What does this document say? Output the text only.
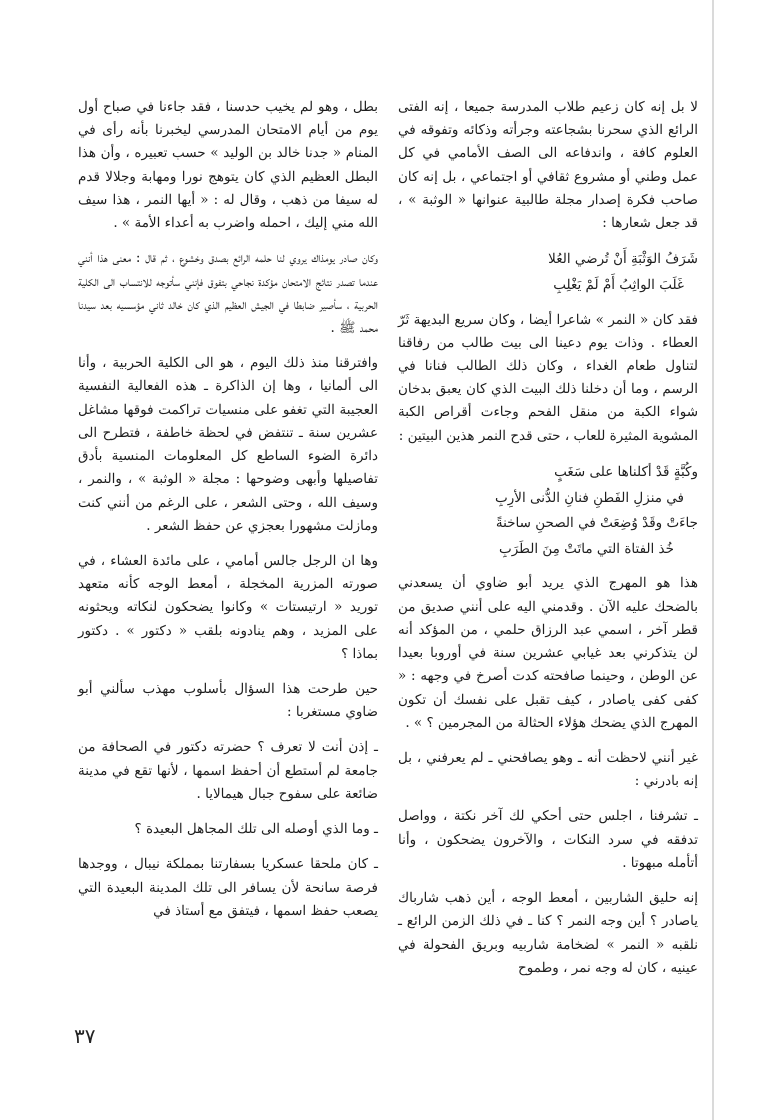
لا بل إنه كان زعيم طلاب المدرسة جميعا ، إنه الفتى الرائع الذي سحرنا بشجاعته وجرأته وذكائه وتفوقه في العلوم كافة ، واندفاعه الى الصف الأمامي في كل عمل وطني أو مشروع ثقافي أو اجتماعي ، بل إنه كان صاحب فكرة إصدار مجلة طالبية عنوانها « الوثبة » ، قد جعل شعارها :

شَرَفُ الوَثْبَةِ أَنْ تُرضي العُلا
غَلَبَ الواثِبُ أَمْ لَمْ يَغْلِبِ

فقد كان « النمر » شاعرا أيضا ، وكان سريع البديهة ثَرّ العطاء . وذات يوم دعينا الى بيت طالب من رفاقنا لتناول طعام الغداء ، وكان ذلك الطالب فنانا في الرسم ، وما أن دخلنا ذلك البيت الذي كان يعبق بدخان شواء الكبة من منقل الفحم وجاءت أقراص الكبة المشوية المثيرة للعاب ، حتى قدح النمر هذين البيتين :

وكُبَّةٍ قَدْ أكلناها على سَغَبٍ
في منزلِ الفَطنِ فنانِ الدُّنى الأرِبِ
جاءَتْ وقَدْ وُضِعَتْ في الصحنِ ساخنةً
خُذ الفتاة التي ماتَتْ مِنَ الطَرَبِ

هذا هو المهرج الذي يريد أبو ضاوي أن يسعدني بالضحك عليه الآن . وقدمني اليه على أنني صديق من قطر آخر ، اسمي عبد الرزاق حلمي ، من المؤكد أنه لن يتذكرني بعد غيابي عشرين سنة في أوروبا بعيدا عن الوطن ، وحينما صافحته كدت أصرخ في وجهه : « كفى كفى ياصادر ، كيف تقبل على نفسك أن تكون المهرج الذي يضحك هؤلاء الحثالة من المجرمين ؟ » .

غير أنني لاحظت أنه ـ وهو يصافحني ـ لم يعرفني ، بل إنه بادرني :

ـ تشرفنا ، اجلس حتى أحكي لك آخر نكتة ، وواصل تدفقه في سرد النكات ، والآخرون يضحكون ، وأنا أتأمله مبهوتا .

إنه حليق الشاربين ، أمعط الوجه ، أين ذهب شارباك ياصادر ؟ أين وجه النمر ؟ كنا ـ في ذلك الزمن الرائع ـ نلقبه « النمر » لضخامة شاربيه وبريق الفحولة في عينيه ، كان له وجه نمر ، وطموح

بطل ، وهو لم يخيب حدسنا ، فقد جاءنا في صباح أول يوم من أيام الامتحان المدرسي ليخبرنا بأنه رأى في المنام « جدنا خالد بن الوليد » حسب تعبيره ، وأن هذا البطل العظيم الذي كان يتوهج نورا ومهابة وجلالا قدم له سيفا من ذهب ، وقال له : « أيها النمر ، هذا سيف الله مني إليك ، احمله واضرب به أعداء الأمة » .

وكان صادر يومذاك يروي لنا حلمه الرائع بصدق وخشوع ، ثم قال : معنى هذا أنني عندما تصدر نتائج الامتحان مؤكدة نجاحي بتفوق فإنني سأتوجه للانتساب الى الكلية الحربية ، سأصير ضابطا في الجيش العظيم الذي كان خالد ثاني مؤسسيه بعد سيدنا محمد ﷺ .

وافترقنا منذ ذلك اليوم ، هو الى الكلية الحربية ، وأنا الى ألمانيا ، وها إن الذاكرة ـ هذه الفعالية النفسية العجيبة التي تغفو على منسيات تراكمت فوقها مشاغل عشرين سنة ـ تنتفض في لحظة خاطفة ، فتطرح الى دائرة الضوء الساطع كل المعلومات المنسية بأدق تفاصيلها وأبهى وضوحها : مجلة « الوثبة » ، والنمر ، وسيف الله ، وحتى الشعر ، على الرغم من أنني كنت ومازلت مشهورا بعجزي عن حفظ الشعر .

وها ان الرجل جالس أمامي ، على مائدة العشاء ، في صورته المزرية المخجلة ، أمعط الوجه كأنه متعهد توريد « ارتيستات » وكانوا يضحكون لنكاته ويحثونه على المزيد ، وهم ينادونه بلقب « دكتور » . دكتور بماذا ؟

حين طرحت هذا السؤال بأسلوب مهذب سألني أبو ضاوي مستغربا :

ـ إذن أنت لا تعرف ؟ حضرته دكتور في الصحافة من جامعة لم أستطع أن أحفظ اسمها ، لأنها تقع في مدينة ضائعة على سفوح جبال هيمالايا .

ـ وما الذي أوصله الى تلك المجاهل البعيدة ؟

ـ كان ملحقا عسكريا بسفارتنا بمملكة نيبال ، ووجدها فرصة سانحة لأن يسافر الى تلك المدينة البعيدة التي يصعب حفظ اسمها ، فيتفق مع أستاذ في

٣٧
